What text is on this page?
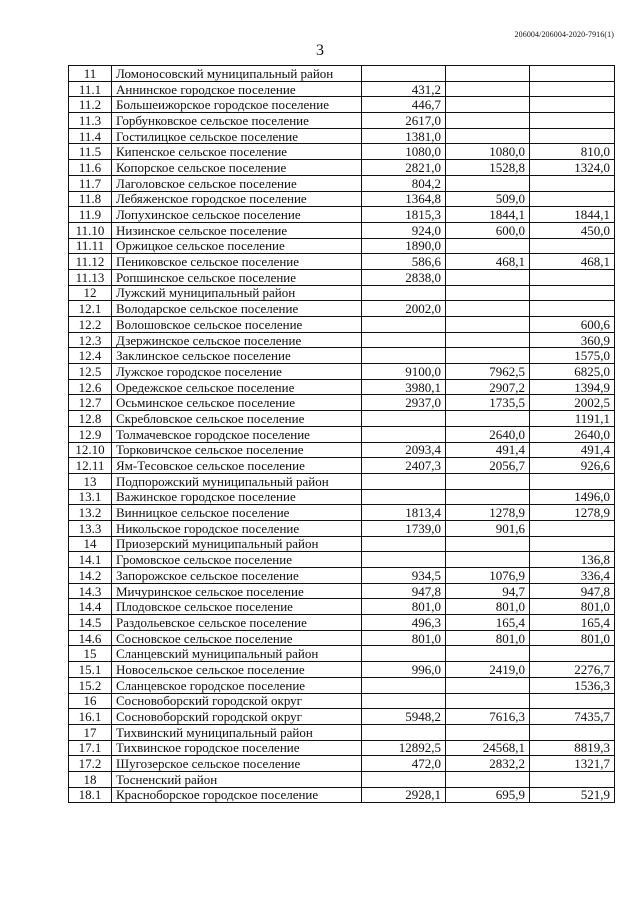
206004/206004-2020-7916(1)
3
11	Ломоносовский муниципальный район			
11.1	Аннинское городское поселение	431,2		
11.2	Большеижорское городское поселение	446,7		
11.3	Горбунковское сельское поселение	2617,0		
11.4	Гостилицкое сельское поселение	1381,0		
11.5	Кипенское сельское поселение	1080,0	1080,0	810,0
11.6	Копорское сельское поселение	2821,0	1528,8	1324,0
11.7	Лаголовское сельское поселение	804,2		
11.8	Лебяженское городское поселение	1364,8	509,0	
11.9	Лопухинское сельское поселение	1815,3	1844,1	1844,1
11.10	Низинское сельское поселение	924,0	600,0	450,0
11.11	Оржицкое сельское поселение	1890,0		
11.12	Пениковское сельское поселение	586,6	468,1	468,1
11.13	Ропшинское сельское поселение	2838,0		
12	Лужский муниципальный район			
12.1	Володарское сельское поселение	2002,0		
12.2	Волошовское сельское поселение			600,6
12.3	Дзержинское сельское поселение			360,9
12.4	Заклинское сельское поселение			1575,0
12.5	Лужское городское поселение	9100,0	7962,5	6825,0
12.6	Оредежское сельское поселение	3980,1	2907,2	1394,9
12.7	Осьминское сельское поселение	2937,0	1735,5	2002,5
12.8	Скребловское сельское поселение			1191,1
12.9	Толмачевское городское поселение		2640,0	2640,0
12.10	Торковичское сельское поселение	2093,4	491,4	491,4
12.11	Ям-Тесовское сельское поселение	2407,3	2056,7	926,6
13	Подпорожский муниципальный район			
13.1	Важинское городское поселение			1496,0
13.2	Винницкое сельское поселение	1813,4	1278,9	1278,9
13.3	Никольское городское поселение	1739,0	901,6	
14	Приозерский муниципальный район			
14.1	Громовское сельское поселение			136,8
14.2	Запорожское сельское поселение	934,5	1076,9	336,4
14.3	Мичуринское сельское поселение	947,8	94,7	947,8
14.4	Плодовское сельское поселение	801,0	801,0	801,0
14.5	Раздольевское сельское поселение	496,3	165,4	165,4
14.6	Сосновское сельское поселение	801,0	801,0	801,0
15	Сланцевский муниципальный район			
15.1	Новосельское сельское поселение	996,0	2419,0	2276,7
15.2	Сланцевское городское поселение			1536,3
16	Сосновоборский городской округ			
16.1	Сосновоборский городской округ	5948,2	7616,3	7435,7
17	Тихвинский муниципальный район			
17.1	Тихвинское городское поселение	12892,5	24568,1	8819,3
17.2	Шугозерское сельское поселение	472,0	2832,2	1321,7
18	Тосненский район			
18.1	Красноборское городское поселение	2928,1	695,9	521,9
